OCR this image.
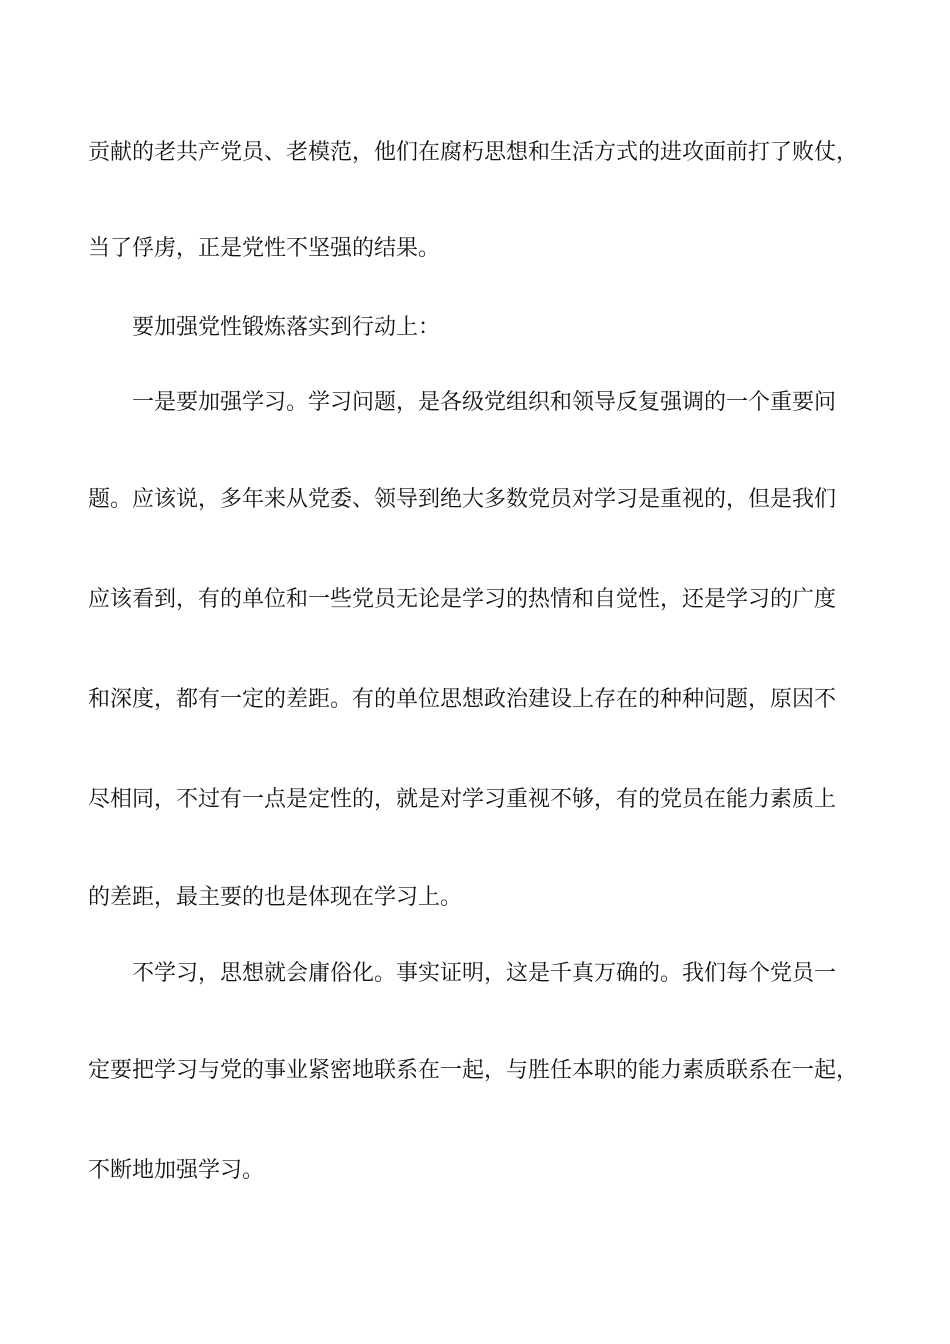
贡献的老共产党员、老模范，他们在腐朽思想和生活方式的进攻面前打了败仗，
当了俘虏，正是党性不坚强的结果。
要加强党性锻炼落实到行动上：
一是要加强学习。学习问题，是各级党组织和领导反复强调的一个重要问
题。应该说，多年来从党委、领导到绝大多数党员对学习是重视的，但是我们
应该看到，有的单位和一些党员无论是学习的热情和自觉性，还是学习的广度
和深度，都有一定的差距。有的单位思想政治建设上存在的种种问题，原因不
尽相同，不过有一点是定性的，就是对学习重视不够，有的党员在能力素质上
的差距，最主要的也是体现在学习上。
不学习，思想就会庸俗化。事实证明，这是千真万确的。我们每个党员一
定要把学习与党的事业紧密地联系在一起，与胜任本职的能力素质联系在一起，
不断地加强学习。
